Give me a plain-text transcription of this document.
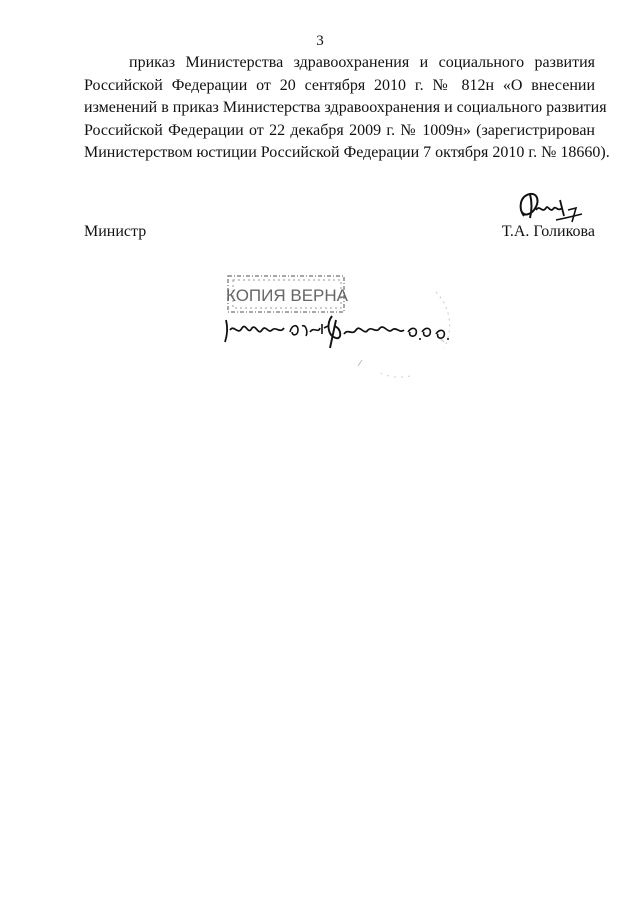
3
приказ Министерства здравоохранения и социального развития
Российской Федерации от 20 сентября 2010 г. № 812н «О внесении
изменений в приказ Министерства здравоохранения и социального развития
Российской Федерации от 22 декабря 2009 г. № 1009н» (зарегистрирован
Министерством юстиции Российской Федерации 7 октября 2010 г. № 18660).
Министр	Т.А. Голикова
КОПИЯ ВЕРНА
